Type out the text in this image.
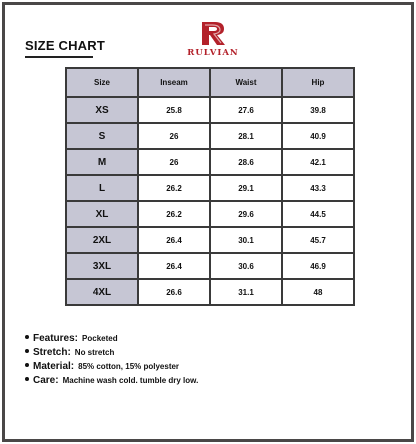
SIZE CHART	RULVIAN
Size	Inseam	Waist	Hip
XS	25.8	27.6	39.8
S	26	28.1	40.9
M	26	28.6	42.1
L	26.2	29.1	43.3
XL	26.2	29.6	44.5
2XL	26.4	30.1	45.7
3XL	26.4	30.6	46.9
4XL	26.6	31.1	48
Features: Pocketed
Stretch: No stretch
Material: 85% cotton, 15% polyester
Care: Machine wash cold. tumble dry low.
